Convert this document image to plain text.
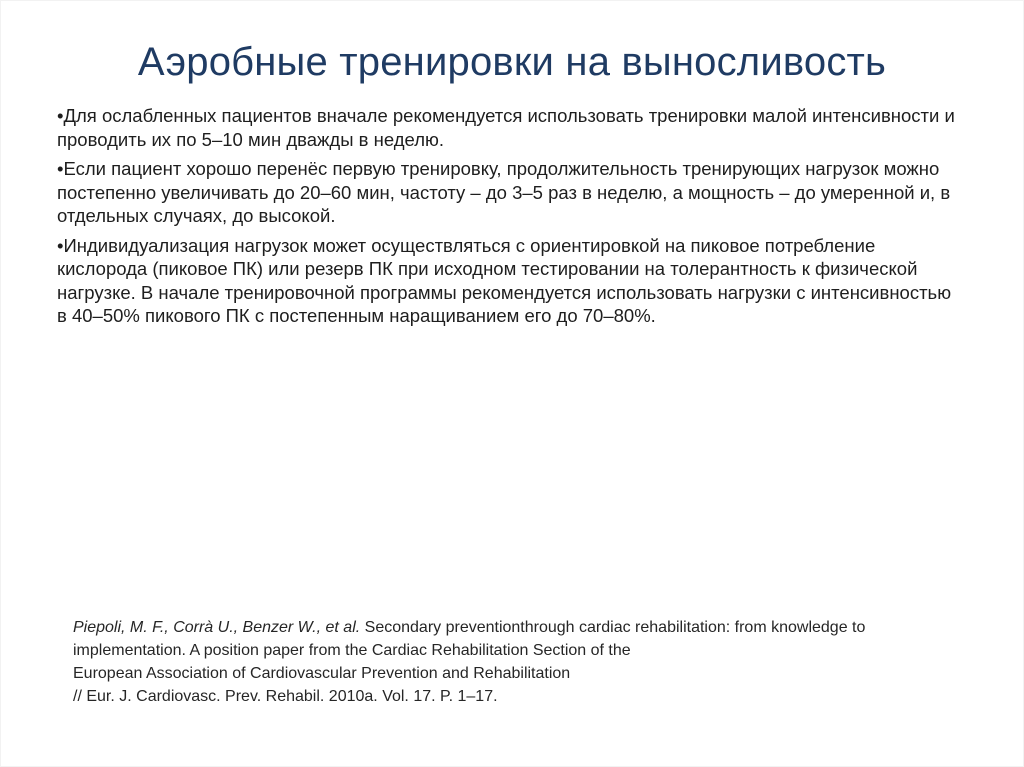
Аэробные тренировки на выносливость
•Для ослабленных пациентов вначале рекомендуется использовать тренировки малой интенсивности и проводить их по 5–10 мин дважды в неделю.
•Если пациент хорошо перенёс первую тренировку, продолжительность тренирующих нагрузок можно постепенно увеличивать до 20–60 мин, частоту – до 3–5 раз в неделю, а мощность – до умеренной и, в отдельных случаях, до высокой.
•Индивидуализация нагрузок может осуществляться с ориентировкой на пиковое потребление кислорода (пиковое ПК) или резерв ПК при исходном тестировании на толерантность к физической нагрузке. В начале тренировочной программы рекомендуется использовать нагрузки с интенсивностью в 40–50% пикового ПК с постепенным наращиванием его до 70–80%.
Piepoli, M. F., Corrà U., Benzer W., et al. Secondary preventionthrough cardiac rehabilitation: from knowledge to
implementation. A position paper from the Cardiac Rehabilitation Section of the
European Association of Cardiovascular Prevention and Rehabilitation
// Eur. J. Cardiovasc. Prev. Rehabil. 2010a. Vol. 17. P. 1–17.
